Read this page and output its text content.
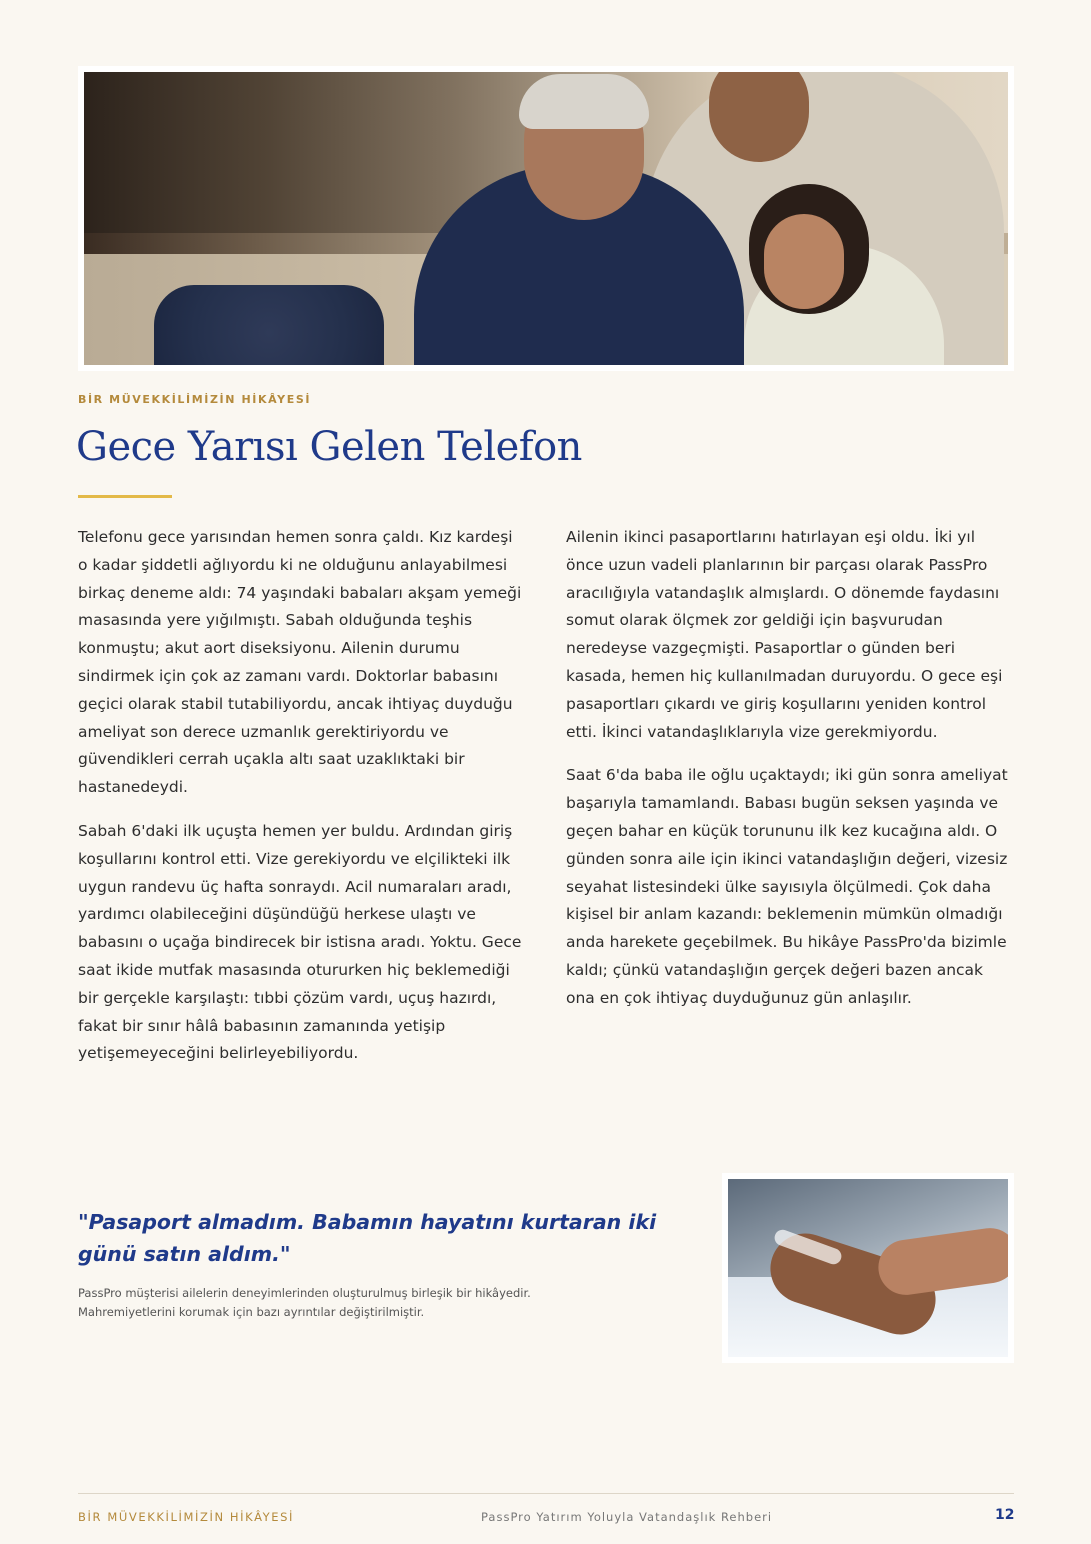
BİR MÜVEKKİLİMİZİN HİKÂYESİ
Gece Yarısı Gelen Telefon

Telefonu gece yarısından hemen sonra çaldı. Kız kardeşi o kadar şiddetli ağlıyordu ki ne olduğunu anlayabilmesi birkaç deneme aldı: 74 yaşındaki babaları akşam yemeği masasında yere yığılmıştı. Sabah olduğunda teşhis konmuştu; akut aort diseksiyonu. Ailenin durumu sindirmek için çok az zamanı vardı. Doktorlar babasını geçici olarak stabil tutabiliyordu, ancak ihtiyaç duyduğu ameliyat son derece uzmanlık gerektiriyordu ve güvendikleri cerrah uçakla altı saat uzaklıktaki bir hastanedeydi.

Sabah 6'daki ilk uçuşta hemen yer buldu. Ardından giriş koşullarını kontrol etti. Vize gerekiyordu ve elçilikteki ilk uygun randevu üç hafta sonraydı. Acil numaraları aradı, yardımcı olabileceğini düşündüğü herkese ulaştı ve babasını o uçağa bindirecek bir istisna aradı. Yoktu. Gece saat ikide mutfak masasında otururken hiç beklemediği bir gerçekle karşılaştı: tıbbi çözüm vardı, uçuş hazırdı, fakat bir sınır hâlâ babasının zamanında yetişip yetişemeyeceğini belirleyebiliyordu.

Ailenin ikinci pasaportlarını hatırlayan eşi oldu. İki yıl önce uzun vadeli planlarının bir parçası olarak PassPro aracılığıyla vatandaşlık almışlardı. O dönemde faydasını somut olarak ölçmek zor geldiği için başvurudan neredeyse vazgeçmişti. Pasaportlar o günden beri kasada, hemen hiç kullanılmadan duruyordu. O gece eşi pasaportları çıkardı ve giriş koşullarını yeniden kontrol etti. İkinci vatandaşlıklarıyla vize gerekmiyordu.

Saat 6'da baba ile oğlu uçaktaydı; iki gün sonra ameliyat başarıyla tamamlandı. Babası bugün seksen yaşında ve geçen bahar en küçük torununu ilk kez kucağına aldı. O günden sonra aile için ikinci vatandaşlığın değeri, vizesiz seyahat listesindeki ülke sayısıyla ölçülmedi. Çok daha kişisel bir anlam kazandı: beklemenin mümkün olmadığı anda harekete geçebilmek. Bu hikâye PassPro'da bizimle kaldı; çünkü vatandaşlığın gerçek değeri bazen ancak ona en çok ihtiyaç duyduğunuz gün anlaşılır.

"Pasaport almadım. Babamın hayatını kurtaran iki günü satın aldım."

PassPro müşterisi ailelerin deneyimlerinden oluşturulmuş birleşik bir hikâyedir.

Mahremiyetlerini korumak için bazı ayrıntılar değiştirilmiştir.

BİR MÜVEKKİLİMİZİN HİKÂYESİ	PassPro Yatırım Yoluyla Vatandaşlık Rehberi	12
